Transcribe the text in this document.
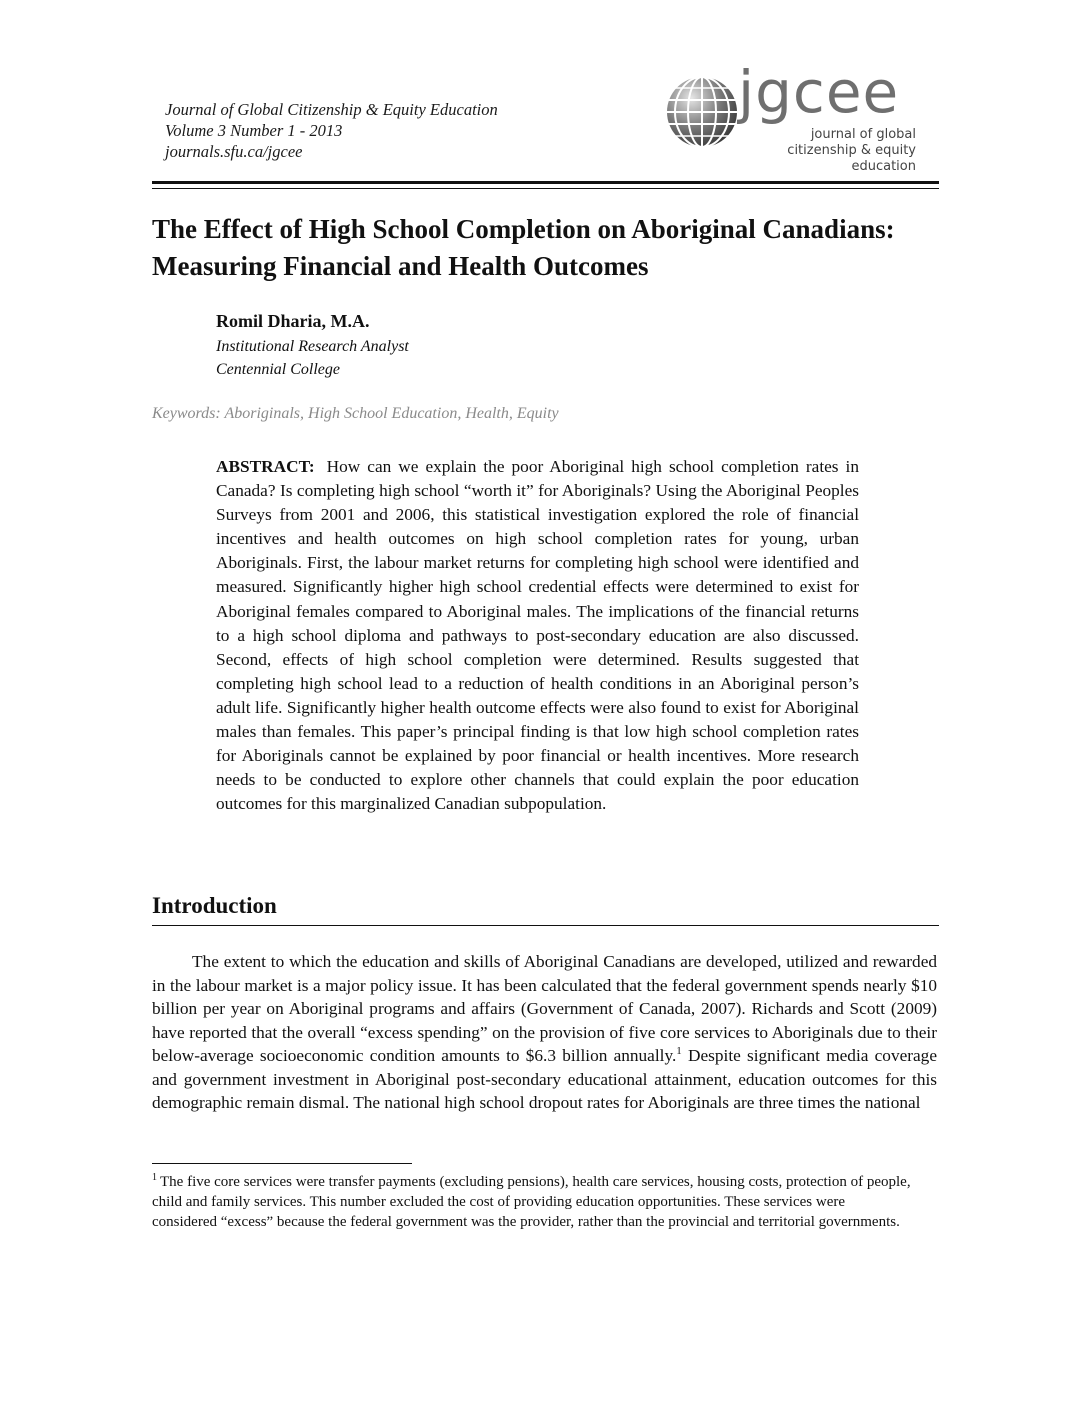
Journal of Global Citizenship & Equity Education
Volume 3 Number 1 - 2013
journals.sfu.ca/jgcee
jgcee
journal of global
citizenship & equity education
The Effect of High School Completion on Aboriginal Canadians: Measuring Financial and Health Outcomes
Romil Dharia, M.A.
Institutional Research Analyst
Centennial College
Keywords: Aboriginals, High School Education, Health, Equity

ABSTRACT: How can we explain the poor Aboriginal high school completion rates in Canada? Is completing high school “worth it” for Aboriginals? Using the Aboriginal Peoples Surveys from 2001 and 2006, this statistical investigation explored the role of financial incentives and health outcomes on high school completion rates for young, urban Aboriginals. First, the labour market returns for completing high school were identified and measured. Significantly higher high school credential effects were determined to exist for Aboriginal females compared to Aboriginal males. The implications of the financial returns to a high school diploma and pathways to post-secondary education are also discussed. Second, effects of high school completion were determined. Results suggested that completing high school lead to a reduction of health conditions in an Aboriginal person’s adult life. Significantly higher health outcome effects were also found to exist for Aboriginal males than females. This paper’s principal finding is that low high school completion rates for Aboriginals cannot be explained by poor financial or health incentives. More research needs to be conducted to explore other channels that could explain the poor education outcomes for this marginalized Canadian subpopulation.

Introduction

The extent to which the education and skills of Aboriginal Canadians are developed, utilized and rewarded in the labour market is a major policy issue. It has been calculated that the federal government spends nearly $10 billion per year on Aboriginal programs and affairs (Government of Canada, 2007). Richards and Scott (2009) have reported that the overall “excess spending” on the provision of five core services to Aboriginals due to their below-average socioeconomic condition amounts to $6.3 billion annually.$^1$ Despite significant media coverage and government investment in Aboriginal post-secondary educational attainment, education outcomes for this demographic remain dismal. The national high school dropout rates for Aboriginals are three times the national

$^1$ The five core services were transfer payments (excluding pensions), health care services, housing costs, protection of people, child and family services. This number excluded the cost of providing education opportunities. These services were considered “excess” because the federal government was the provider, rather than the provincial and territorial governments.
